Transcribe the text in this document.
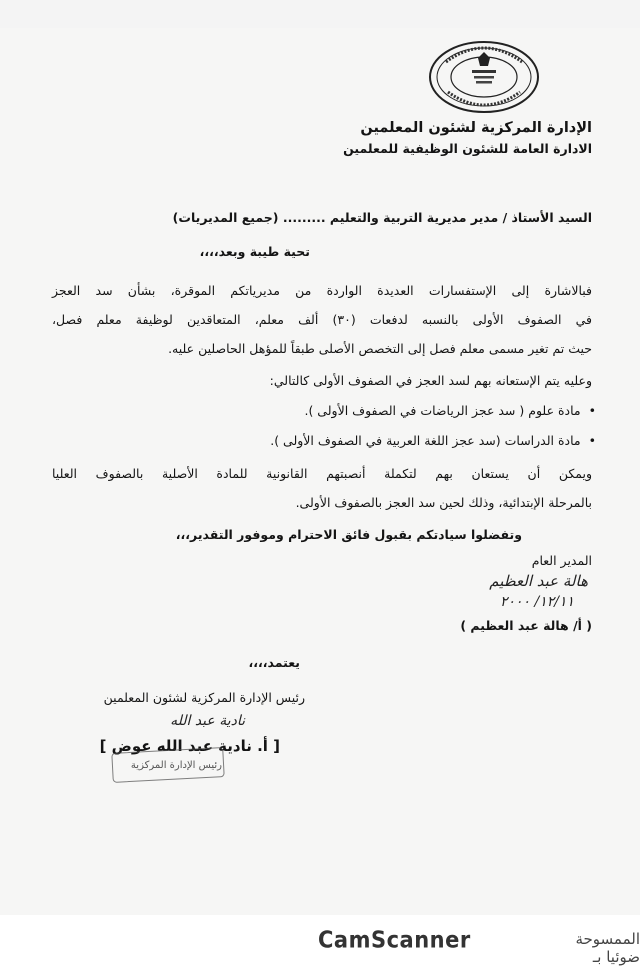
الإدارة المركزية لشئون المعلمين
الادارة العامة للشئون الوظيفية للمعلمين
السيد الأستاذ / مدير مديرية التربية والتعليم ......... (جميع المديريات)
تحية طيبة وبعد،،،،
فبالاشارة إلى الإستفسارات العديدة الواردة من مديرياتكم الموقرة، بشأن سد العجز
في الصفوف الأولى بالنسبه لدفعات (٣٠) ألف معلم، المتعاقدين لوظيفة معلم فصل،
حيث تم تغير مسمى معلم فصل إلى التخصص الأصلى طبقاً للمؤهل الحاصلين عليه.
وعليه يتم الإستعانه بهم لسد العجز في الصفوف الأولى كالتالي:
• مادة علوم ( سد عجز الرياضات في الصفوف الأولى ).
• مادة الدراسات (سد عجز اللغة العربية في الصفوف الأولى ).
ويمكن أن يستعان بهم لتكملة أنصبتهم القانونية للمادة الأصلية بالصفوف العليا
بالمرحلة الإبتدائية، وذلك لحين سد العجز بالصفوف الأولى.
وتفضلوا سيادتكم بقبول فائق الاحترام وموفور التقدير،،،
المدير العام
هالة عبد العظيم
١٢/١١/ ٢٠٠٠
( أ/ هالة عبد العظيم )
يعتمد،،،،
رئيس الإدارة المركزية لشئون المعلمين
نادية عبد الله
[ أ. نادية عبد الله عوض ]
رئيس الإدارة المركزية
CamScanner	الممسوحة ضوئيا بـ
